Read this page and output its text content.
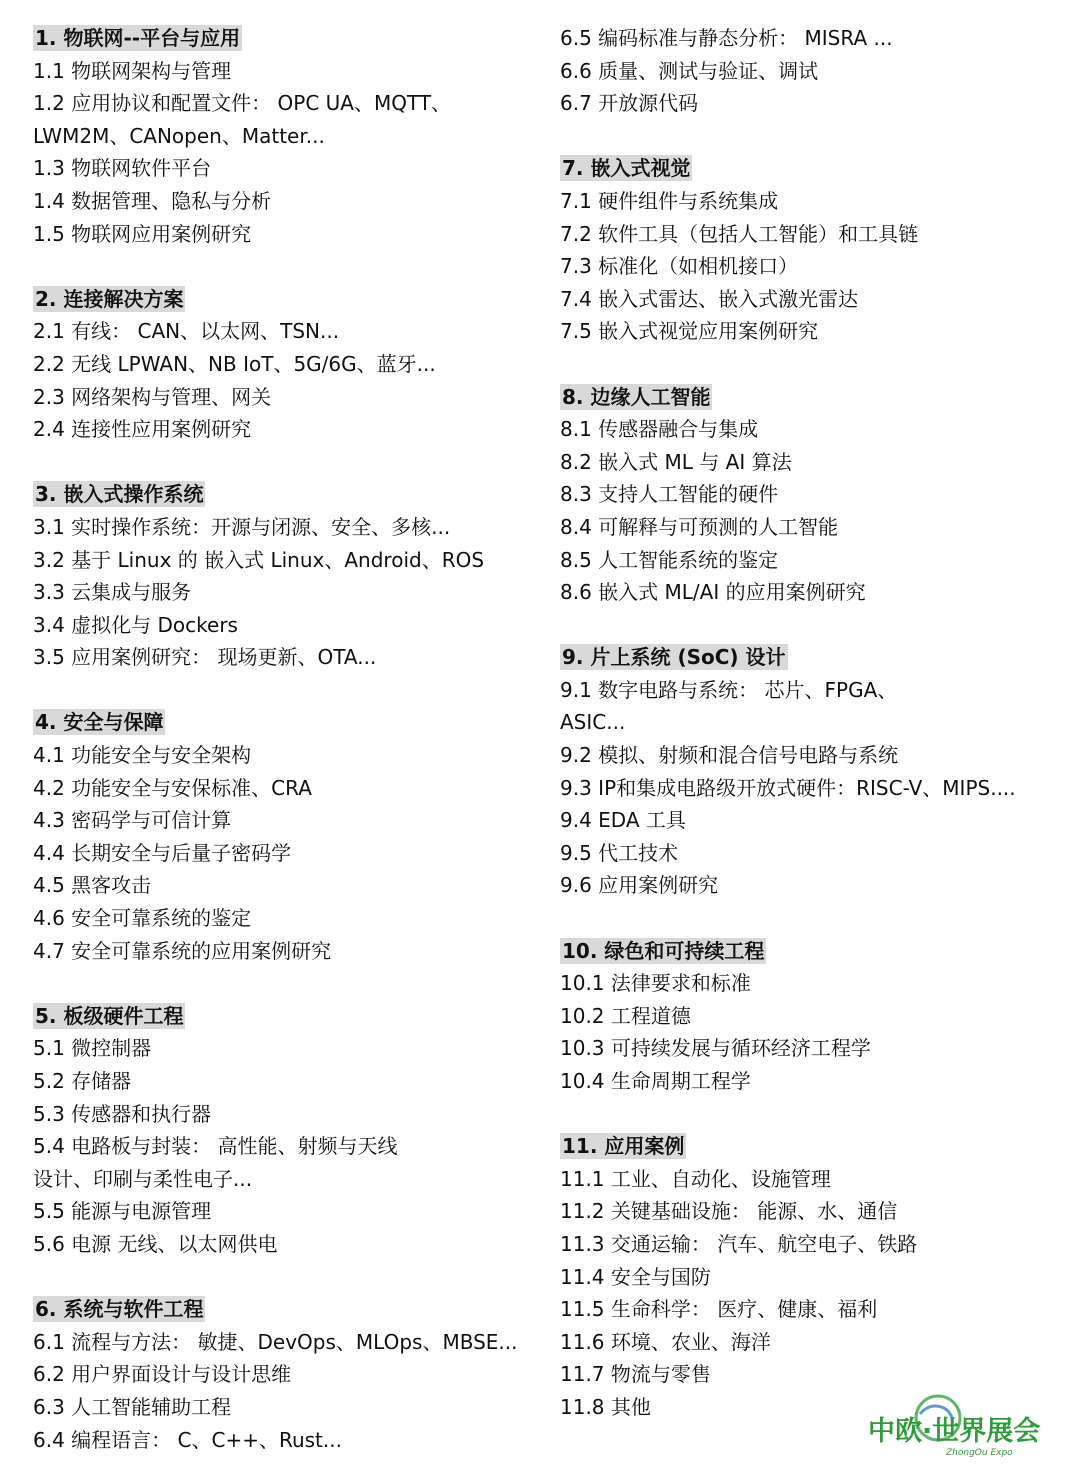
1. 物联网--平台与应用
1.1 物联网架构与管理
1.2 应用协议和配置文件： OPC UA、MQTT、
LWM2M、CANopen、Matter...
1.3 物联网软件平台
1.4 数据管理、隐私与分析
1.5 物联网应用案例研究
2. 连接解决方案
2.1 有线： CAN、以太网、TSN...
2.2 无线 LPWAN、NB IoT、5G/6G、蓝牙...
2.3 网络架构与管理、网关
2.4 连接性应用案例研究
3. 嵌入式操作系统
3.1 实时操作系统：开源与闭源、安全、多核...
3.2 基于 Linux 的 嵌入式 Linux、Android、ROS
3.3 云集成与服务
3.4 虚拟化与 Dockers
3.5 应用案例研究： 现场更新、OTA...
4. 安全与保障
4.1 功能安全与安全架构
4.2 功能安全与安保标准、CRA
4.3 密码学与可信计算
4.4 长期安全与后量子密码学
4.5 黑客攻击
4.6 安全可靠系统的鉴定
4.7 安全可靠系统的应用案例研究
5. 板级硬件工程
5.1 微控制器
5.2 存储器
5.3 传感器和执行器
5.4 电路板与封装： 高性能、射频与天线
设计、印刷与柔性电子...
5.5 能源与电源管理
5.6 电源 无线、以太网供电
6. 系统与软件工程
6.1 流程与方法： 敏捷、DevOps、MLOps、MBSE...
6.2 用户界面设计与设计思维
6.3 人工智能辅助工程
6.4 编程语言： C、C++、Rust...
6.5 编码标准与静态分析： MISRA ...
6.6 质量、测试与验证、调试
6.7 开放源代码
7. 嵌入式视觉
7.1 硬件组件与系统集成
7.2 软件工具（包括人工智能）和工具链
7.3 标准化（如相机接口）
7.4 嵌入式雷达、嵌入式激光雷达
7.5 嵌入式视觉应用案例研究
8. 边缘人工智能
8.1 传感器融合与集成
8.2 嵌入式 ML 与 AI 算法
8.3 支持人工智能的硬件
8.4 可解释与可预测的人工智能
8.5 人工智能系统的鉴定
8.6 嵌入式 ML/AI 的应用案例研究
9. 片上系统 (SoC) 设计
9.1 数字电路与系统： 芯片、FPGA、
ASIC...
9.2 模拟、射频和混合信号电路与系统
9.3 IP和集成电路级开放式硬件：RISC-V、MIPS....
9.4 EDA 工具
9.5 代工技术
9.6 应用案例研究
10. 绿色和可持续工程
10.1 法律要求和标准
10.2 工程道德
10.3 可持续发展与循环经济工程学
10.4 生命周期工程学
11. 应用案例
11.1 工业、自动化、设施管理
11.2 关键基础设施： 能源、水、通信
11.3 交通运输： 汽车、航空电子、铁路
11.4 安全与国防
11.5 生命科学： 医疗、健康、福利
11.6 环境、农业、海洋
11.7 物流与零售
11.8 其他
中欧·世界展会
ZhongOu Expo
